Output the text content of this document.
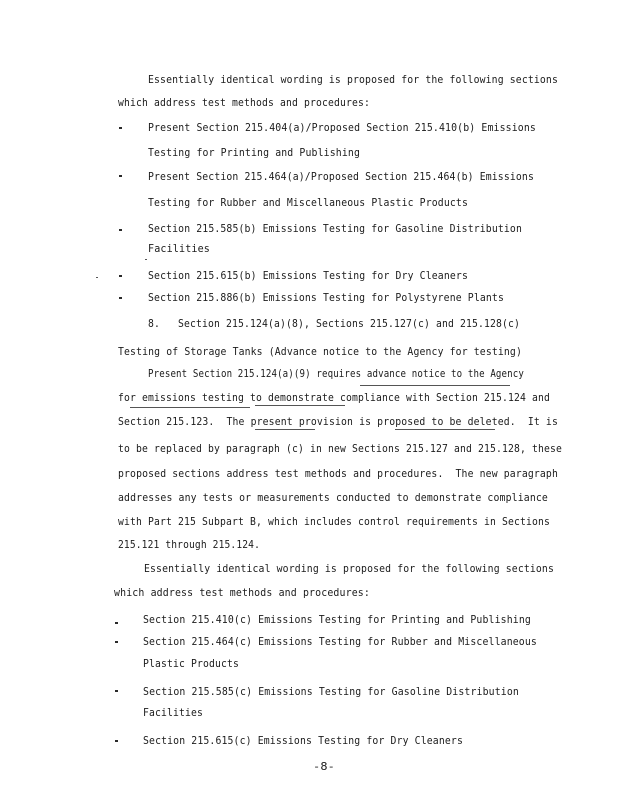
Essentially identical wording is proposed for the following sections
which address test methods and procedures:
Present Section 215.404(a)/Proposed Section 215.410(b) Emissions
Testing for Printing and Publishing
Present Section 215.464(a)/Proposed Section 215.464(b) Emissions
Testing for Rubber and Miscellaneous Plastic Products
Section 215.585(b) Emissions Testing for Gasoline Distribution
Facilities
Section 215.615(b) Emissions Testing for Dry Cleaners
Section 215.886(b) Emissions Testing for Polystyrene Plants
8.   Section 215.124(a)(8), Sections 215.127(c) and 215.128(c)
Testing of Storage Tanks (Advance notice to the Agency for testing)
Present Section 215.124(a)(9) requires advance notice to the Agency
for emissions testing to demonstrate compliance with Section 215.124 and
Section 215.123.  The present provision is proposed to be deleted.  It is
to be replaced by paragraph (c) in new Sections 215.127 and 215.128, these
proposed sections address test methods and procedures.  The new paragraph
addresses any tests or measurements conducted to demonstrate compliance
with Part 215 Subpart B, which includes control requirements in Sections
215.121 through 215.124.
Essentially identical wording is proposed for the following sections
which address test methods and procedures:
Section 215.410(c) Emissions Testing for Printing and Publishing
Section 215.464(c) Emissions Testing for Rubber and Miscellaneous
Plastic Products
Section 215.585(c) Emissions Testing for Gasoline Distribution
Facilities
Section 215.615(c) Emissions Testing for Dry Cleaners
-8-
